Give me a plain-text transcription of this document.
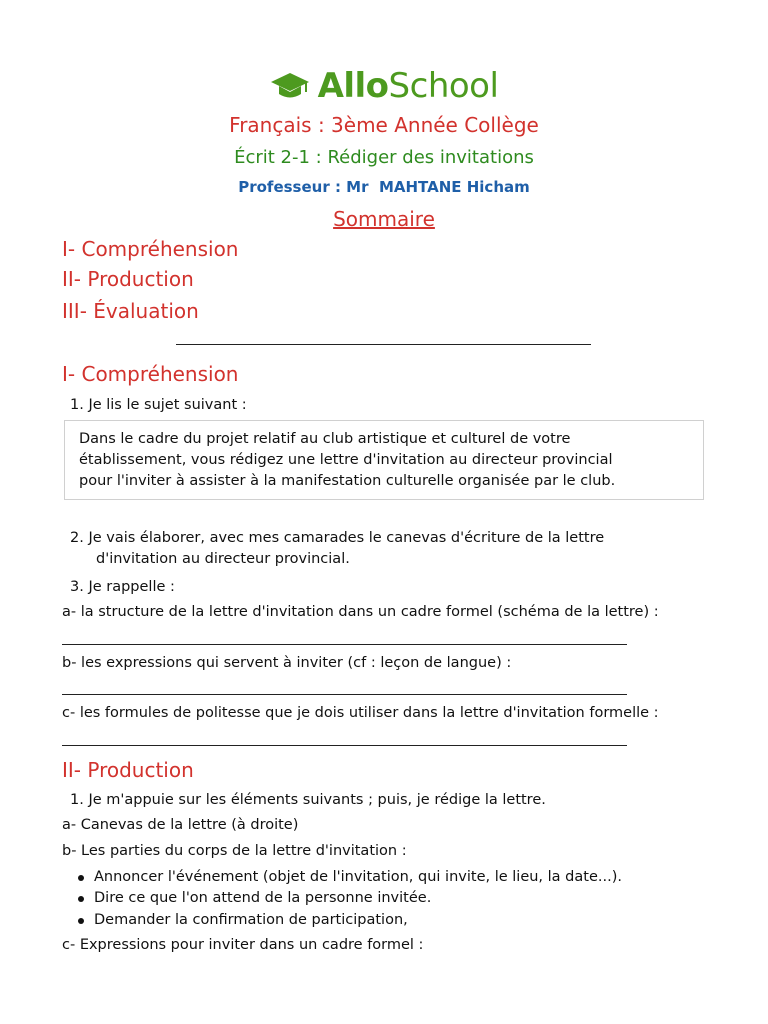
AlloSchool
Français : 3ème Année Collège
Écrit 2-1 : Rédiger des invitations
Professeur : Mr  MAHTANE Hicham
Sommaire
I- Compréhension
II- Production
III- Évaluation
I- Compréhension
1. Je lis le sujet suivant :
Dans le cadre du projet relatif au club artistique et culturel de votre
établissement, vous rédigez une lettre d'invitation au directeur provincial
pour l'inviter à assister à la manifestation culturelle organisée par le club.
2. Je vais élaborer, avec mes camarades le canevas d'écriture de la lettre
d'invitation au directeur provincial.
3. Je rappelle :
a- la structure de la lettre d'invitation dans un cadre formel (schéma de la lettre) :
b- les expressions qui servent à inviter (cf : leçon de langue) :
c- les formules de politesse que je dois utiliser dans la lettre d'invitation formelle :
II- Production
1. Je m'appuie sur les éléments suivants ; puis, je rédige la lettre.
a- Canevas de la lettre (à droite)
b- Les parties du corps de la lettre d'invitation :
Annoncer l'événement (objet de l'invitation, qui invite, le lieu, la date...).
Dire ce que l'on attend de la personne invitée.
Demander la confirmation de participation,
c- Expressions pour inviter dans un cadre formel :
